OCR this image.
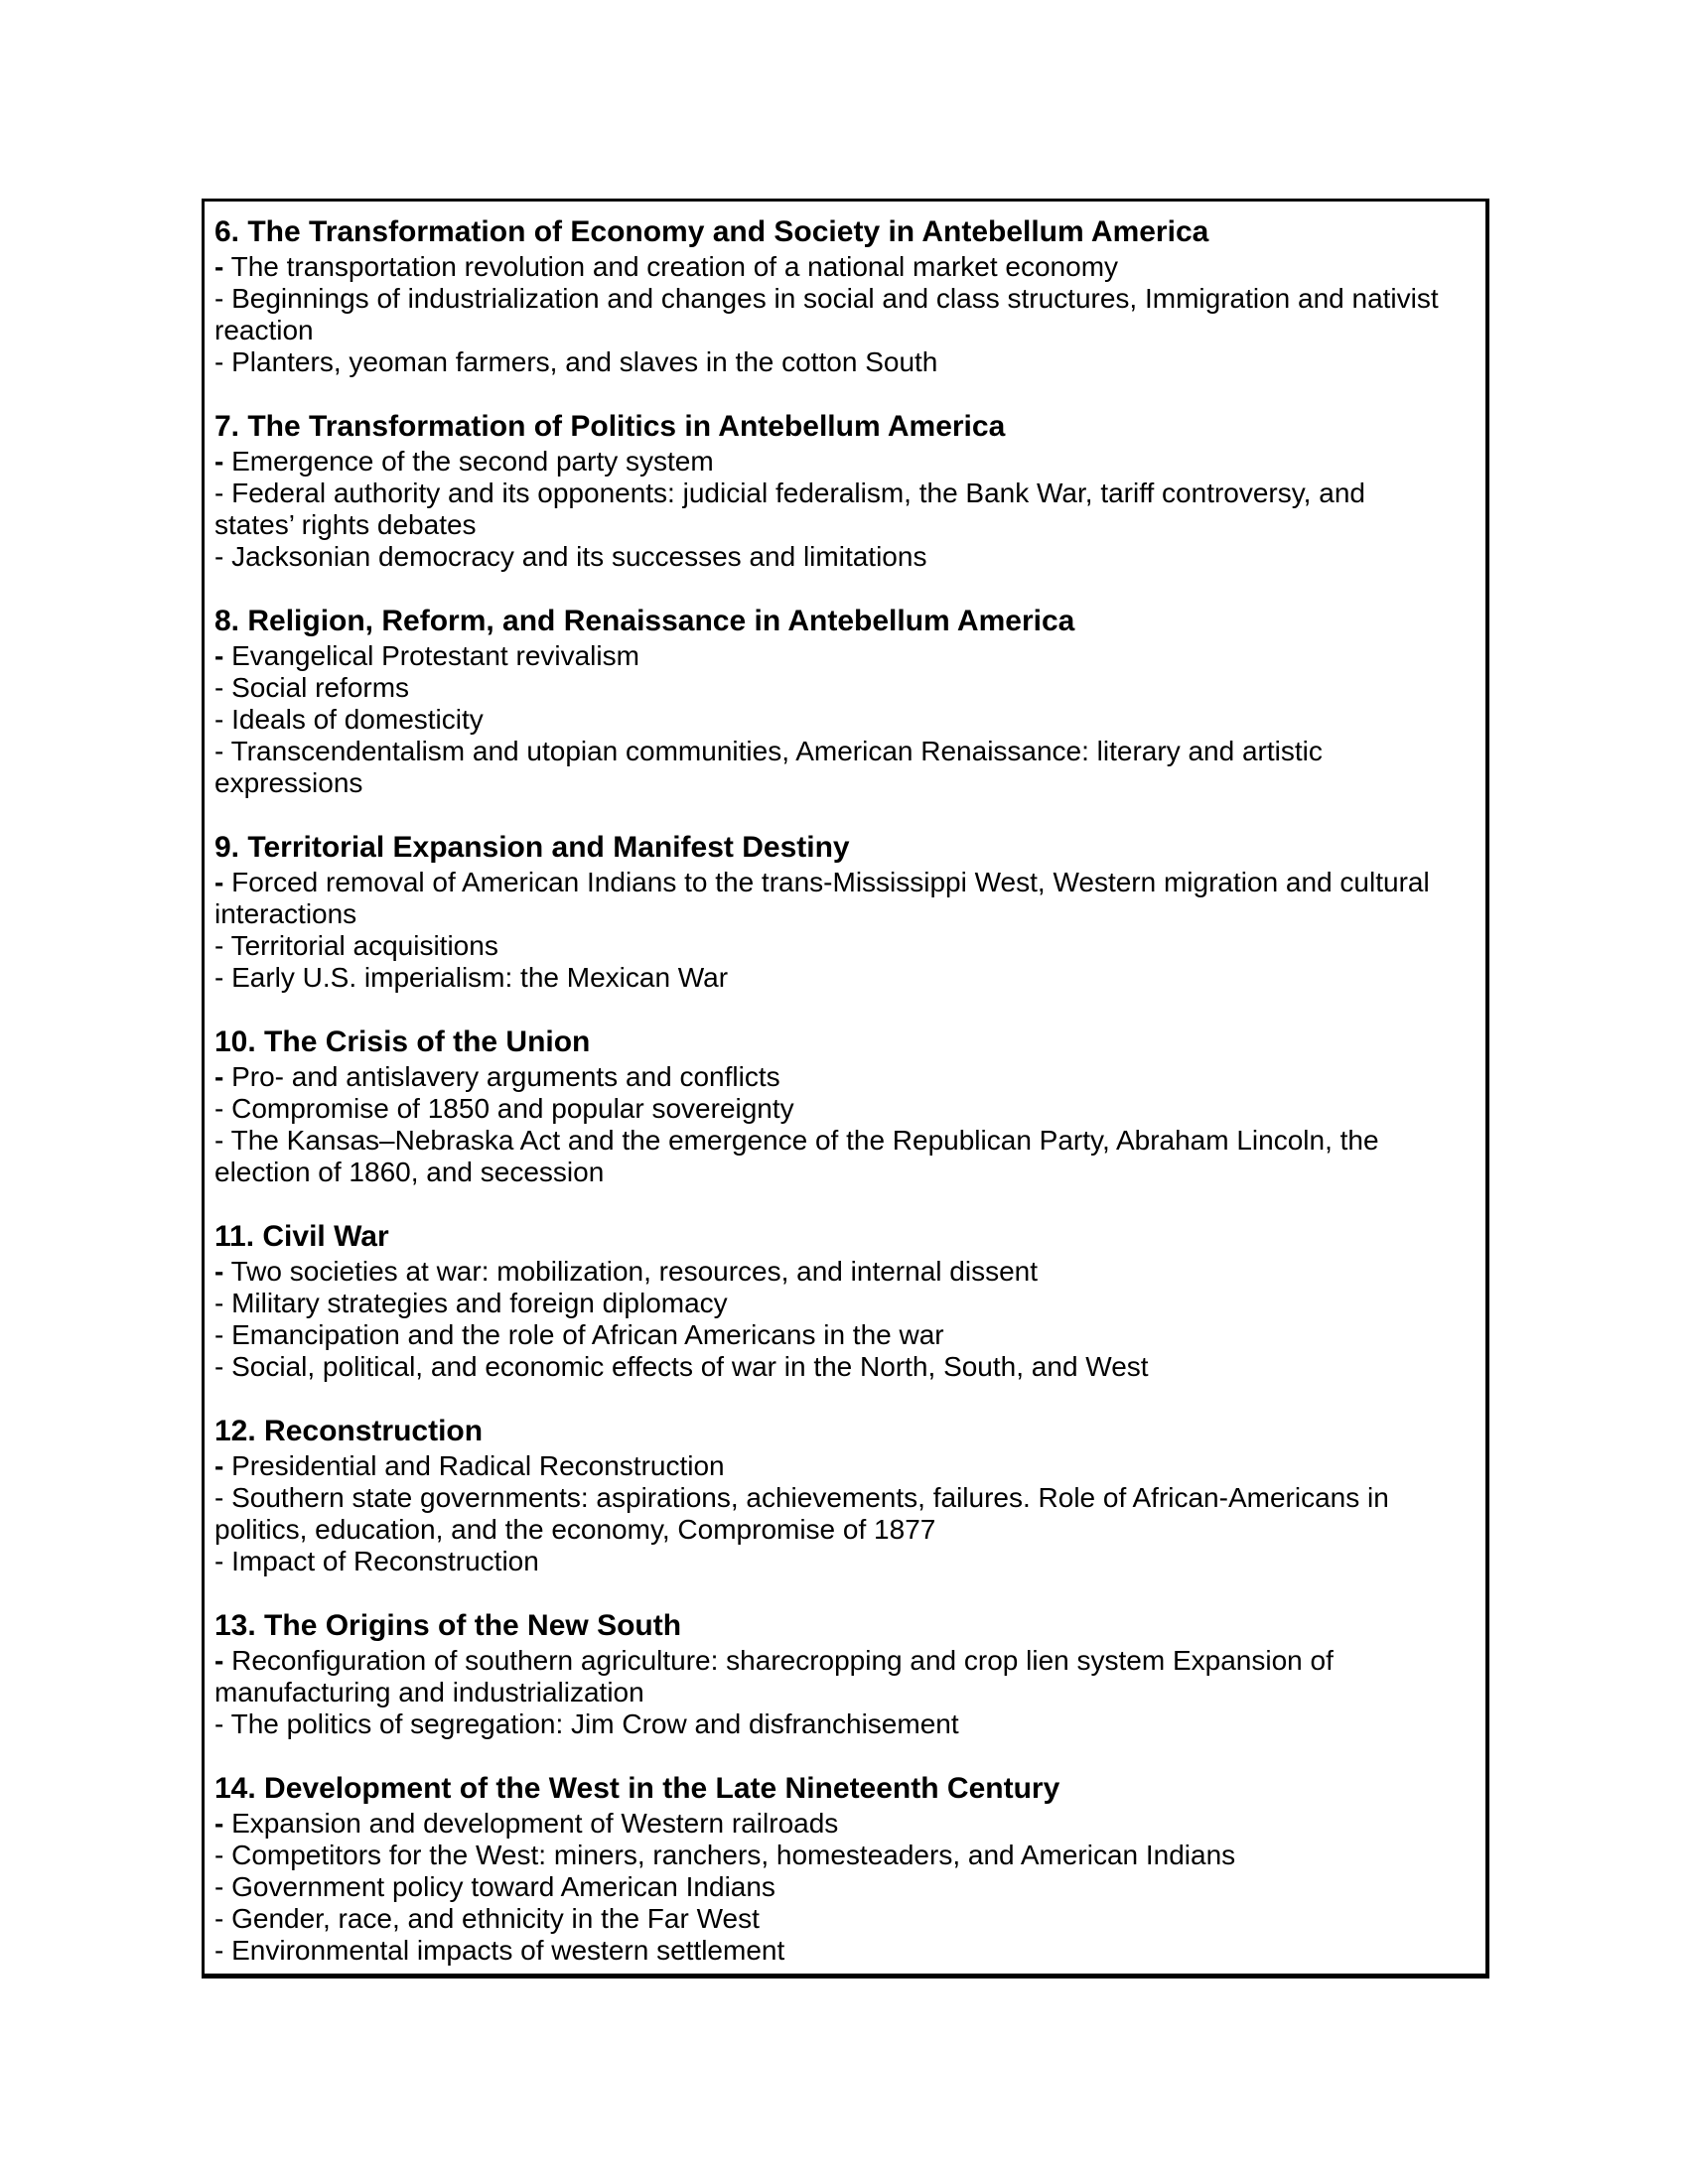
6. The Transformation of Economy and Society in Antebellum America

- The transportation revolution and creation of a national market economy

- Beginnings of industrialization and changes in social and class structures, Immigration and nativist reaction

- Planters, yeoman farmers, and slaves in the cotton South

7. The Transformation of Politics in Antebellum America

- Emergence of the second party system

- Federal authority and its opponents: judicial federalism, the Bank War, tariff controversy, and states’ rights debates

- Jacksonian democracy and its successes and limitations

8. Religion, Reform, and Renaissance in Antebellum America

- Evangelical Protestant revivalism

- Social reforms

- Ideals of domesticity

- Transcendentalism and utopian communities, American Renaissance: literary and artistic expressions

9. Territorial Expansion and Manifest Destiny

- Forced removal of American Indians to the trans-Mississippi West, Western migration and cultural interactions

- Territorial acquisitions

- Early U.S. imperialism: the Mexican War

10. The Crisis of the Union

- Pro- and antislavery arguments and conflicts

- Compromise of 1850 and popular sovereignty

- The Kansas–Nebraska Act and the emergence of the Republican Party, Abraham Lincoln, the election of 1860, and secession

11. Civil War

- Two societies at war: mobilization, resources, and internal dissent

- Military strategies and foreign diplomacy

- Emancipation and the role of African Americans in the war

- Social, political, and economic effects of war in the North, South, and West

12. Reconstruction

- Presidential and Radical Reconstruction

- Southern state governments: aspirations, achievements, failures. Role of African-Americans in politics, education, and the economy, Compromise of 1877

- Impact of Reconstruction

13. The Origins of the New South

- Reconfiguration of southern agriculture: sharecropping and crop lien system Expansion of manufacturing and industrialization

- The politics of segregation: Jim Crow and disfranchisement

14. Development of the West in the Late Nineteenth Century

- Expansion and development of Western railroads

- Competitors for the West: miners, ranchers, homesteaders, and American Indians

- Government policy toward American Indians

- Gender, race, and ethnicity in the Far West

- Environmental impacts of western settlement
